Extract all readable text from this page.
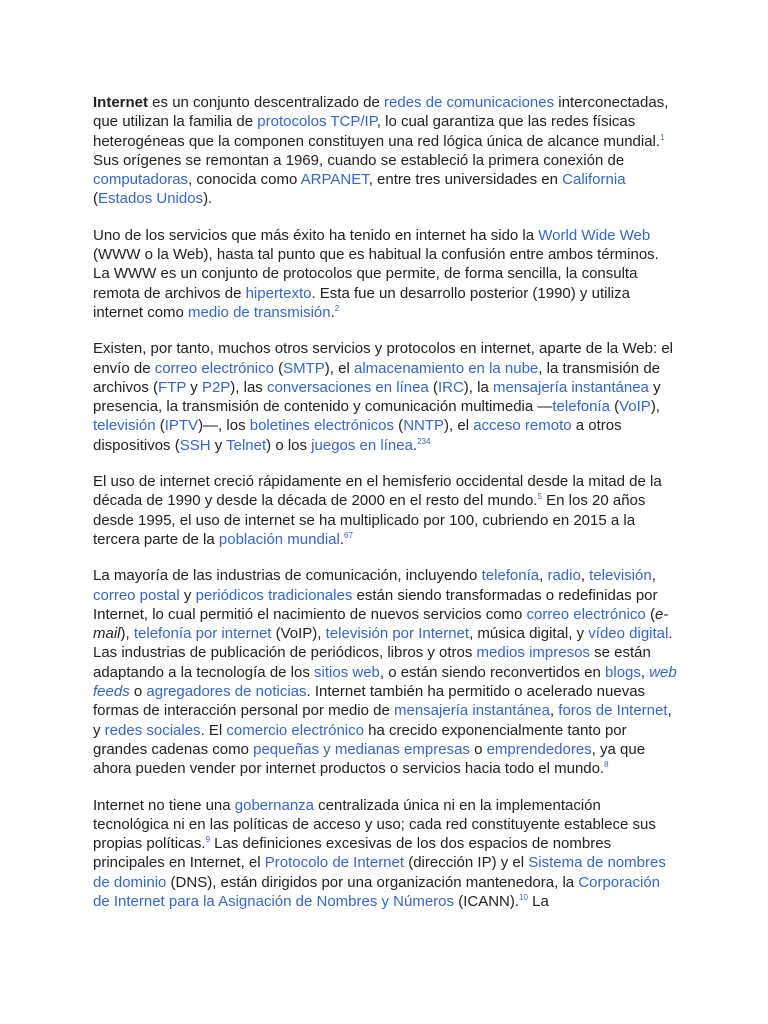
Internet es un conjunto descentralizado de redes de comunicaciones interconectadas, que utilizan la familia de protocolos TCP/IP, lo cual garantiza que las redes físicas heterogéneas que la componen constituyen una red lógica única de alcance mundial.$^1$ Sus orígenes se remontan a 1969, cuando se estableció la primera conexión de computadoras, conocida como ARPANET, entre tres universidades en California (Estados Unidos).

Uno de los servicios que más éxito ha tenido en internet ha sido la World Wide Web (WWW o la Web), hasta tal punto que es habitual la confusión entre ambos términos. La WWW es un conjunto de protocolos que permite, de forma sencilla, la consulta remota de archivos de hipertexto. Esta fue un desarrollo posterior (1990) y utiliza internet como medio de transmisión.$^2$

Existen, por tanto, muchos otros servicios y protocolos en internet, aparte de la Web: el envío de correo electrónico (SMTP), el almacenamiento en la nube, la transmisión de archivos (FTP y P2P), las conversaciones en línea (IRC), la mensajería instantánea y presencia, la transmisión de contenido y comunicación multimedia —telefonía (VoIP), televisión (IPTV)—, los boletines electrónicos (NNTP), el acceso remoto a otros dispositivos (SSH y Telnet) o los juegos en línea.$^{234}$

El uso de internet creció rápidamente en el hemisferio occidental desde la mitad de la década de 1990 y desde la década de 2000 en el resto del mundo.$^5$ En los 20 años desde 1995, el uso de internet se ha multiplicado por 100, cubriendo en 2015 a la tercera parte de la población mundial.$^{67}$

La mayoría de las industrias de comunicación, incluyendo telefonía, radio, televisión, correo postal y periódicos tradicionales están siendo transformadas o redefinidas por Internet, lo cual permitió el nacimiento de nuevos servicios como correo electrónico (e-mail), telefonía por internet (VoIP), televisión por Internet, música digital, y vídeo digital. Las industrias de publicación de periódicos, libros y otros medios impresos se están adaptando a la tecnología de los sitios web, o están siendo reconvertidos en blogs, web feeds o agregadores de noticias. Internet también ha permitido o acelerado nuevas formas de interacción personal por medio de mensajería instantánea, foros de Internet, y redes sociales. El comercio electrónico ha crecido exponencialmente tanto por grandes cadenas como pequeñas y medianas empresas o emprendedores, ya que ahora pueden vender por internet productos o servicios hacia todo el mundo.$^8$

Internet no tiene una gobernanza centralizada única ni en la implementación tecnológica ni en las políticas de acceso y uso; cada red constituyente establece sus propias políticas.$^9$ Las definiciones excesivas de los dos espacios de nombres principales en Internet, el Protocolo de Internet (dirección IP) y el Sistema de nombres de dominio (DNS), están dirigidos por una organización mantenedora, la Corporación de Internet para la Asignación de Nombres y Números (ICANN).$^{10}$ La
